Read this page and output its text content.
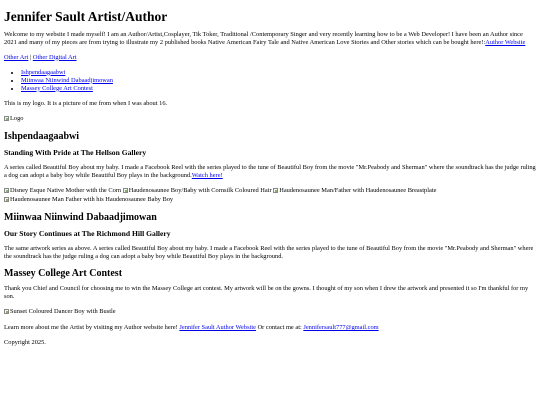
Jennifer Sault Artist/Author

Welcome to my website I made myself! I am an Author/Artist,Cosplayer, Tik Toker, Traditional /Contemporary Singer and very recently learning how to be a Web Developer! I have been an Author since 2021 and many of my pieces are from trying to illustrate my 2 published books Native American Fairy Tale and Native American Love Stories and Other stories which can be bought here!:Author Website

Other Art | Other Digital Art

• Ishpendaagaabwi
• Miinwaa Niinwind Dabaadjimowan
• Massey College Art Contest

This is my logo. It is a picture of me from when I was about 16.

Logo
Ishpendaagaabwi
Standing With Pride at The Hellson Gallery

A series called Beautiful Boy about my baby. I made a Facebook Reel with the series played to the tune of Beautiful Boy from the movie "Mr.Peabody and Sherman" where the soundtrack has the judge ruling a dog can adopt a baby boy while Beautiful Boy plays in the background.Watch here!

Disney Esque Native Mother with the Corn
Haudenosaunee Boy/Baby with Cornsilk Coloured Hair
Haudenosaunee Man/Father with Haudenosaunee Breastplate

Haudenosaunee Man Father with his Haudenosaunee Baby Boy
Miinwaa Niinwind Dabaadjimowan
Our Story Continues at The Richmond Hill Gallery

The same artwork series as above. A series called Beautiful Boy about my baby. I made a Facebook Reel with the series played to the tune of Beautiful Boy from the movie "Mr.Peabody and Sherman" where the soundtrack has the judge ruling a dog can adopt a baby boy while Beautiful Boy plays in the background.

Massey College Art Contest

Thank you Chief and Council for choosing me to win the Massey College art contest. My artwork will be on the gowns. I thought of my son when I drew the artwork and presented it so I'm thankful for my son.

Sunset Coloured Dancer Boy with Bustle

Learn more about me the Artist by visiting my Author website here! Jennifer Sault Author Website Or contact me at: Jennifersault777@gmail.com

Copyright 2025.
